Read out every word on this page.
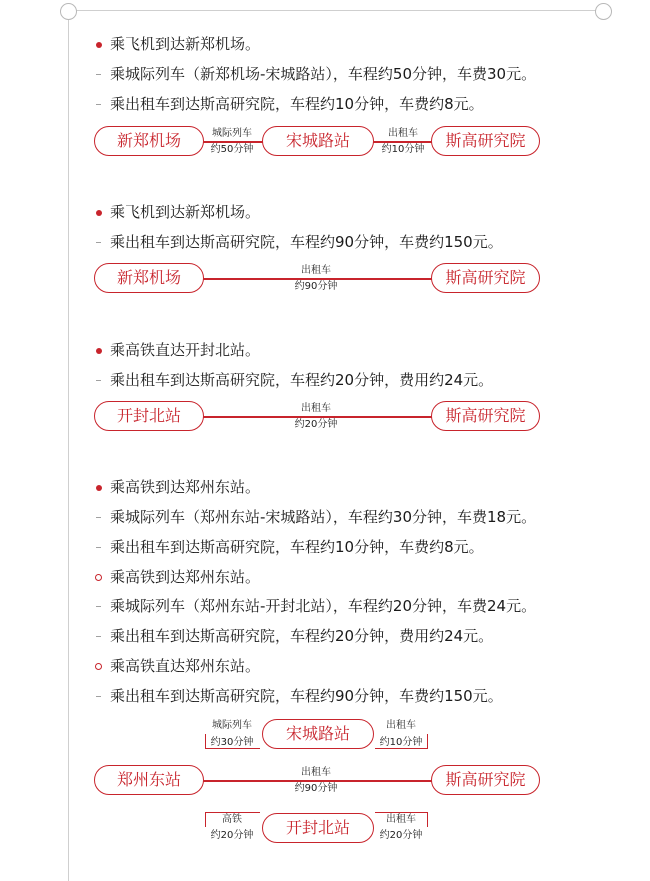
乘飞机到达新郑机场。
乘城际列车（新郑机场-宋城路站），车程约50分钟，车费30元。
乘出租车到达斯高研究院，车程约10分钟，车费约8元。
新郑机场	宋城路站	斯高研究院
城际列车
约50分钟
出租车
约10分钟
乘飞机到达新郑机场。
乘出租车到达斯高研究院，车程约90分钟，车费约150元。
新郑机场	斯高研究院
出租车
约90分钟
乘高铁直达开封北站。
乘出租车到达斯高研究院，车程约20分钟，费用约24元。
开封北站	斯高研究院
出租车
约20分钟
乘高铁到达郑州东站。
乘城际列车（郑州东站-宋城路站），车程约30分钟，车费18元。
乘出租车到达斯高研究院，车程约10分钟，车费约8元。
乘高铁到达郑州东站。
乘城际列车（郑州东站-开封北站），车程约20分钟，车费24元。
乘出租车到达斯高研究院，车程约20分钟，费用约24元。
乘高铁直达郑州东站。
乘出租车到达斯高研究院，车程约90分钟，车费约150元。
城际列车
约30分钟
出租车
约10分钟
宋城路站
郑州东站	斯高研究院
出租车
约90分钟
高铁
约20分钟
出租车
约20分钟
开封北站
